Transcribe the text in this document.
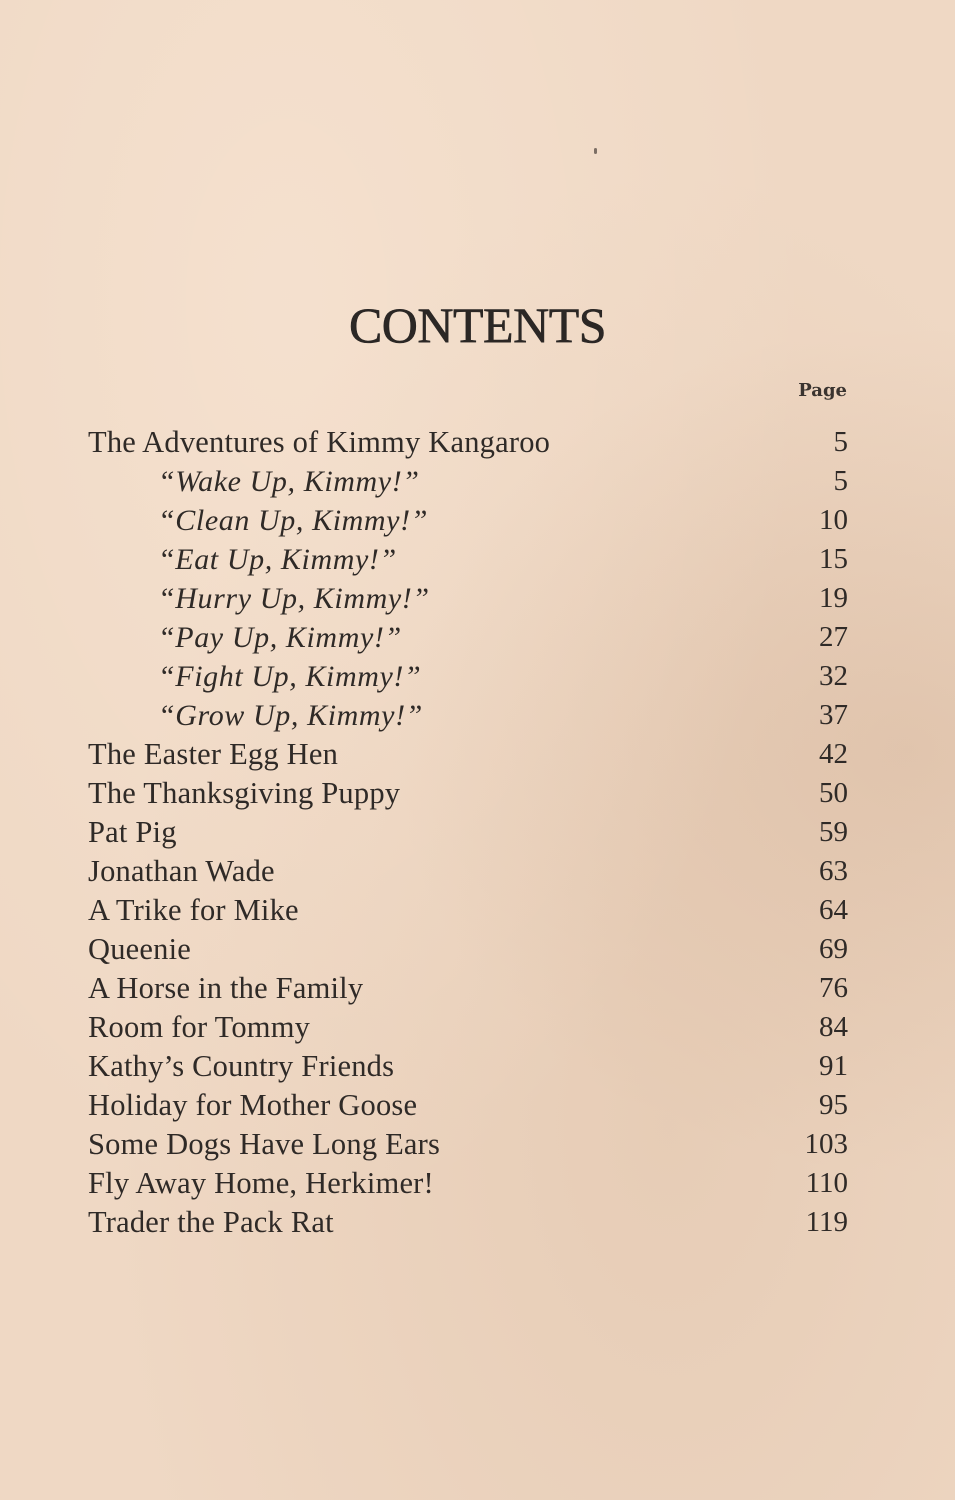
CONTENTS
Page
The Adventures of Kimmy Kangaroo	5
“Wake Up, Kimmy!”	5
“Clean Up, Kimmy!”	10
“Eat Up, Kimmy!”	15
“Hurry Up, Kimmy!”	19
“Pay Up, Kimmy!”	27
“Fight Up, Kimmy!”	32
“Grow Up, Kimmy!”	37
The Easter Egg Hen	42
The Thanksgiving Puppy	50
Pat Pig	59
Jonathan Wade	63
A Trike for Mike	64
Queenie	69
A Horse in the Family	76
Room for Tommy	84
Kathy’s Country Friends	91
Holiday for Mother Goose	95
Some Dogs Have Long Ears	103
Fly Away Home, Herkimer!	110
Trader the Pack Rat	119
